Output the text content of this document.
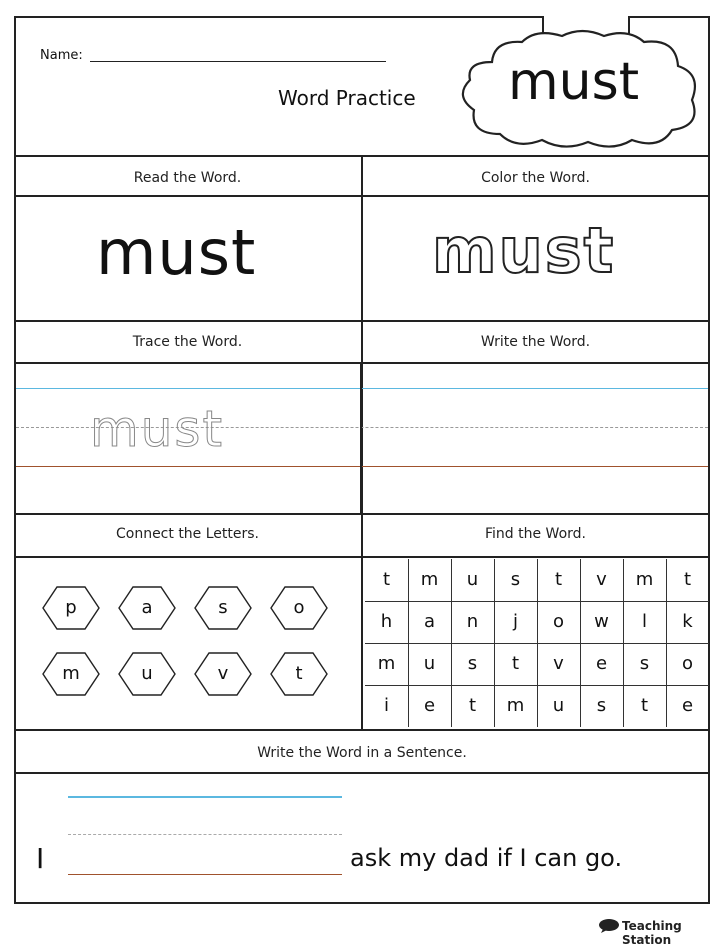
Name:
Word Practice must
Read the Word.	Color the Word.
must	must
Trace the Word.	Write the Word.
must
Connect the Letters.	Find the Word.
p	a	s	o
m	u	v	t
t	m	u	s	t	v	m	t
h	a	n	j	o	w	l	k
m	u	s	t	v	e	s	o
i	e	t	m	u	s	t	e
Write the Word in a Sentence.
I	ask my dad if I can go.
Teaching Station
